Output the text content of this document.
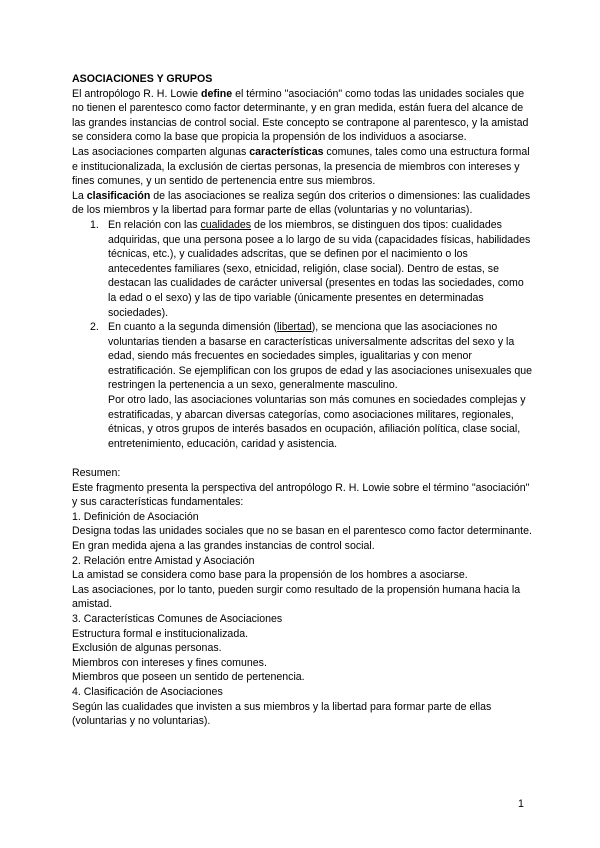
ASOCIACIONES Y GRUPOS

El antropólogo R. H. Lowie define el término "asociación" como todas las unidades sociales que no tienen el parentesco como factor determinante, y en gran medida, están fuera del alcance de las grandes instancias de control social. Este concepto se contrapone al parentesco, y la amistad se considera como la base que propicia la propensión de los individuos a asociarse.

Las asociaciones comparten algunas características comunes, tales como una estructura formal e institucionalizada, la exclusión de ciertas personas, la presencia de miembros con intereses y fines comunes, y un sentido de pertenencia entre sus miembros.

La clasificación de las asociaciones se realiza según dos criterios o dimensiones: las cualidades de los miembros y la libertad para formar parte de ellas (voluntarias y no voluntarias).

1. En relación con las cualidades de los miembros, se distinguen dos tipos: cualidades adquiridas, que una persona posee a lo largo de su vida (capacidades físicas, habilidades técnicas, etc.), y cualidades adscritas, que se definen por el nacimiento o los antecedentes familiares (sexo, etnicidad, religión, clase social). Dentro de estas, se destacan las cualidades de carácter universal (presentes en todas las sociedades, como la edad o el sexo) y las de tipo variable (únicamente presentes en determinadas sociedades).
2. En cuanto a la segunda dimensión (libertad), se menciona que las asociaciones no voluntarias tienden a basarse en características universalmente adscritas del sexo y la edad, siendo más frecuentes en sociedades simples, igualitarias y con menor estratificación. Se ejemplifican con los grupos de edad y las asociaciones unisexuales que restringen la pertenencia a un sexo, generalmente masculino.
Por otro lado, las asociaciones voluntarias son más comunes en sociedades complejas y estratificadas, y abarcan diversas categorías, como asociaciones militares, regionales, étnicas, y otros grupos de interés basados en ocupación, afiliación política, clase social, entretenimiento, educación, caridad y asistencia.

Resumen:

Este fragmento presenta la perspectiva del antropólogo R. H. Lowie sobre el término "asociación" y sus características fundamentales:

1. Definición de Asociación

Designa todas las unidades sociales que no se basan en el parentesco como factor determinante.

En gran medida ajena a las grandes instancias de control social.

2. Relación entre Amistad y Asociación

La amistad se considera como base para la propensión de los hombres a asociarse.

Las asociaciones, por lo tanto, pueden surgir como resultado de la propensión humana hacia la amistad.

3. Características Comunes de Asociaciones

Estructura formal e institucionalizada.

Exclusión de algunas personas.

Miembros con intereses y fines comunes.

Miembros que poseen un sentido de pertenencia.

4. Clasificación de Asociaciones

Según las cualidades que invisten a sus miembros y la libertad para formar parte de ellas (voluntarias y no voluntarias).

1
